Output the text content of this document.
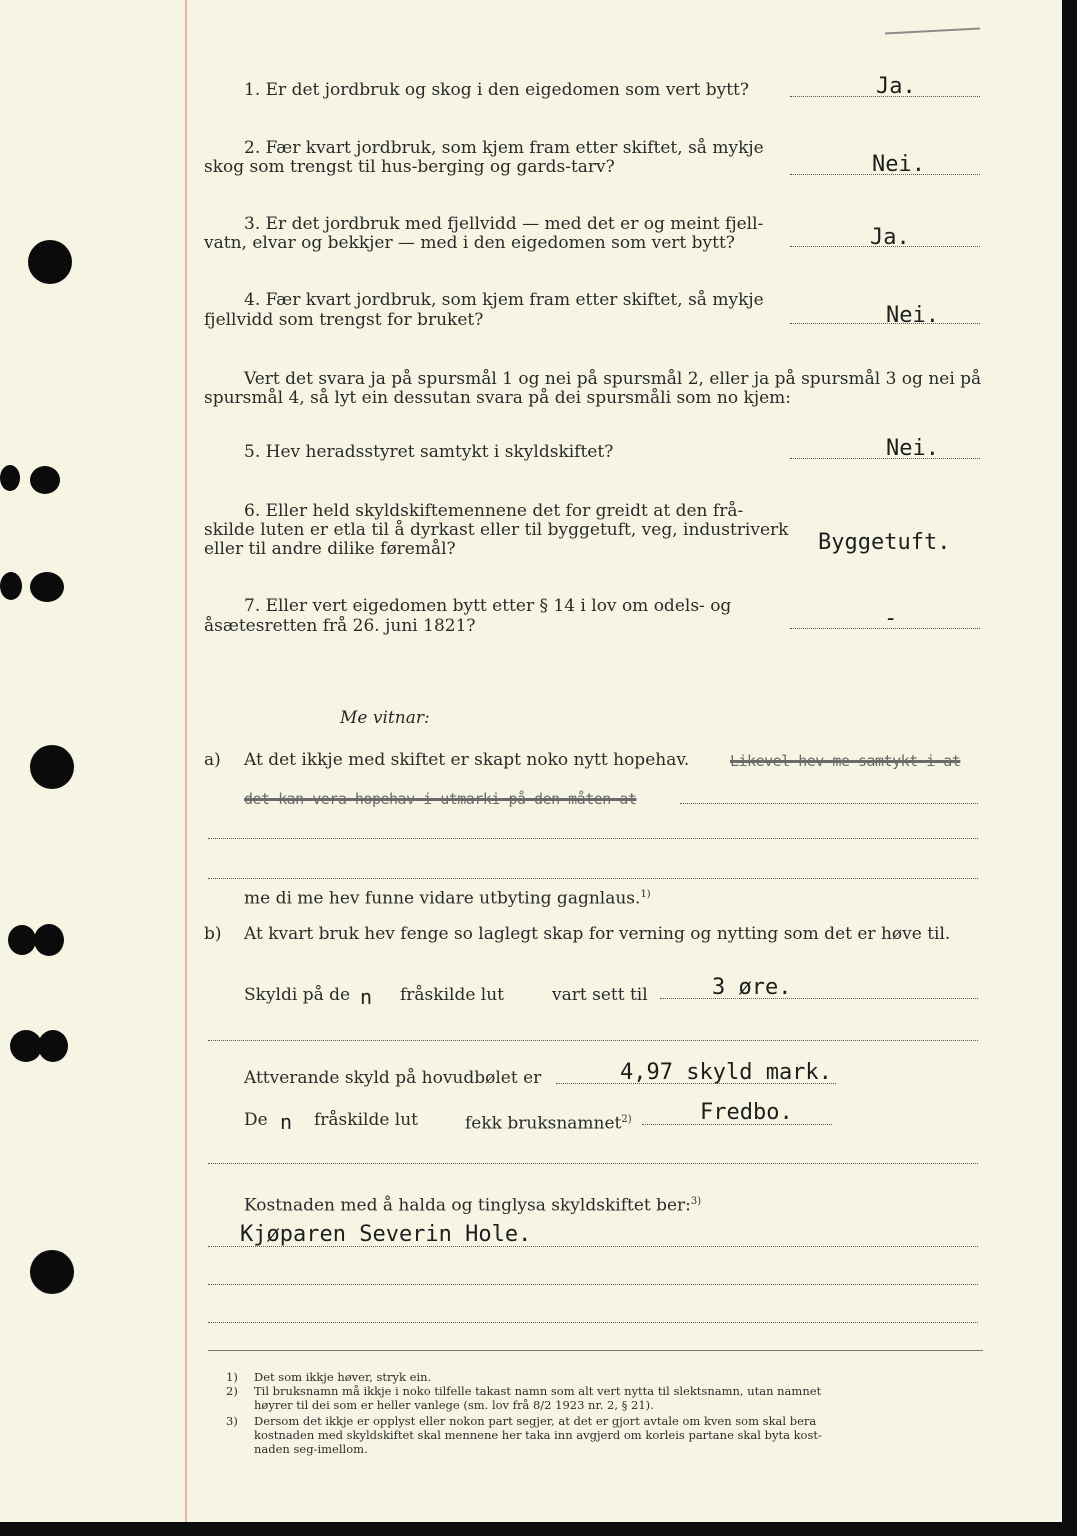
1. Er det jordbruk og skog i den eigedomen som vert bytt?	Ja.
2. Fær kvart jordbruk, som kjem fram etter skiftet, så mykje
skog som trengst til hus-berging og gards-tarv?	Nei.
3. Er det jordbruk med fjellvidd — med det er og meint fjell-
vatn, elvar og bekkjer — med i den eigedomen som vert bytt?	Ja.
4. Fær kvart jordbruk, som kjem fram etter skiftet, så mykje
fjellvidd som trengst for bruket?	Nei.
Vert det svara ja på spursmål 1 og nei på spursmål 2, eller ja på spursmål 3 og nei på
spursmål 4, så lyt ein dessutan svara på dei spursmåli som no kjem:
5. Hev heradsstyret samtykt i skyldskiftet?	Nei.
6. Eller held skyldskiftemennene det for greidt at den frå-
skilde luten er etla til å dyrkast eller til byggetuft, veg, industriverk
eller til andre dilike føremål?	Byggetuft.
7. Eller vert eigedomen bytt etter § 14 i lov om odels- og
åsætesretten frå 26. juni 1821?	-
Me vitnar:
a) At det ikkje med skiftet er skapt noko nytt hopehav.	Likevel hev me samtykt i at
det kan vera hopehav i utmarki på den måten at
me di me hev funne vidare utbyting gagnlaus.$^{1)}$
b) At kvart bruk hev fenge so laglegt skap for verning og nytting som det er høve til.
Skyldi på de n fråskilde lut	vart sett til	3 øre.
Attverande skyld på hovudbølet er	4,97 skyld mark.
De n fråskilde lut	fekk bruksnamnet$^{2)}$	Fredbo.
Kostnaden med å halda og tinglysa skyldskiftet ber:$^{3)}$
Kjøparen Severin Hole.
1) Det som ikkje høver, stryk ein.
2) Til bruksnamn må ikkje i noko tilfelle takast namn som alt vert nytta til slektsnamn, utan namnet
høyrer til dei som er heller vanlege (sm. lov frå 8/2 1923 nr. 2, § 21).
3) Dersom det ikkje er opplyst eller nokon part segjer, at det er gjort avtale om kven som skal bera
kostnaden med skyldskiftet skal mennene her taka inn avgjerd om korleis partane skal byta kost-
naden seg-imellom.
